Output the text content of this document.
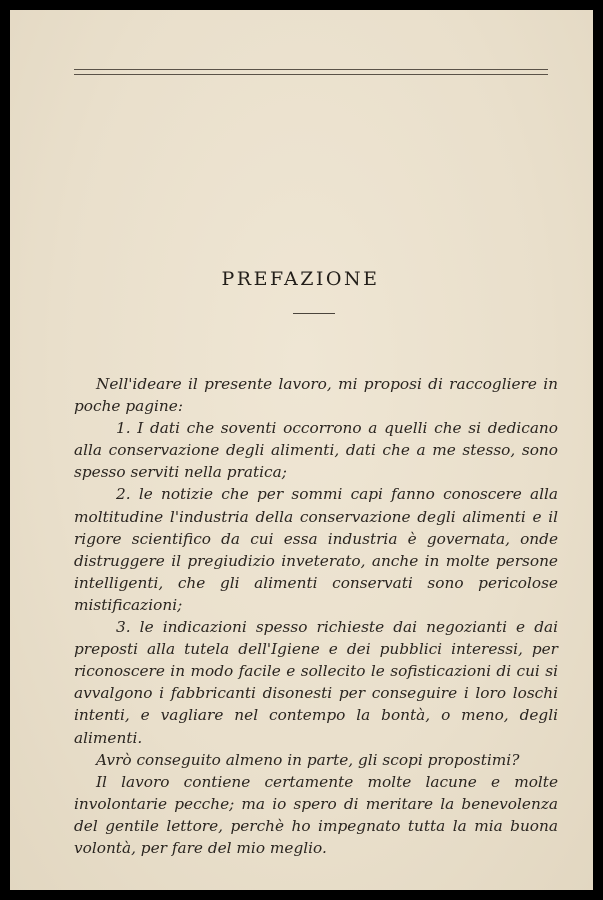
PREFAZIONE

Nell'ideare il presente lavoro, mi proposi di raccogliere in poche pagine:

1. I dati che soventi occorrono a quelli che si dedicano alla conservazione degli alimenti, dati che a me stesso, sono spesso serviti nella pratica;

2. le notizie che per sommi capi fanno conoscere alla moltitudine l'industria della conservazione degli alimenti e il rigore scientifico da cui essa industria è governata, onde distruggere il pregiudizio inveterato, anche in molte persone intelligenti, che gli alimenti conservati sono pericolose mistificazioni;

3. le indicazioni spesso richieste dai negozianti e dai preposti alla tutela dell'Igiene e dei pubblici interessi, per riconoscere in modo facile e sollecito le sofisticazioni di cui si avvalgono i fabbricanti disonesti per conseguire i loro loschi intenti, e vagliare nel contempo la bontà, o meno, degli alimenti.

Avrò conseguito almeno in parte, gli scopi propostimi?

Il lavoro contiene certamente molte lacune e molte involontarie pecche; ma io spero di meritare la benevolenza del gentile lettore, perchè ho impegnato tutta la mia buona volontà, per fare del mio meglio.
